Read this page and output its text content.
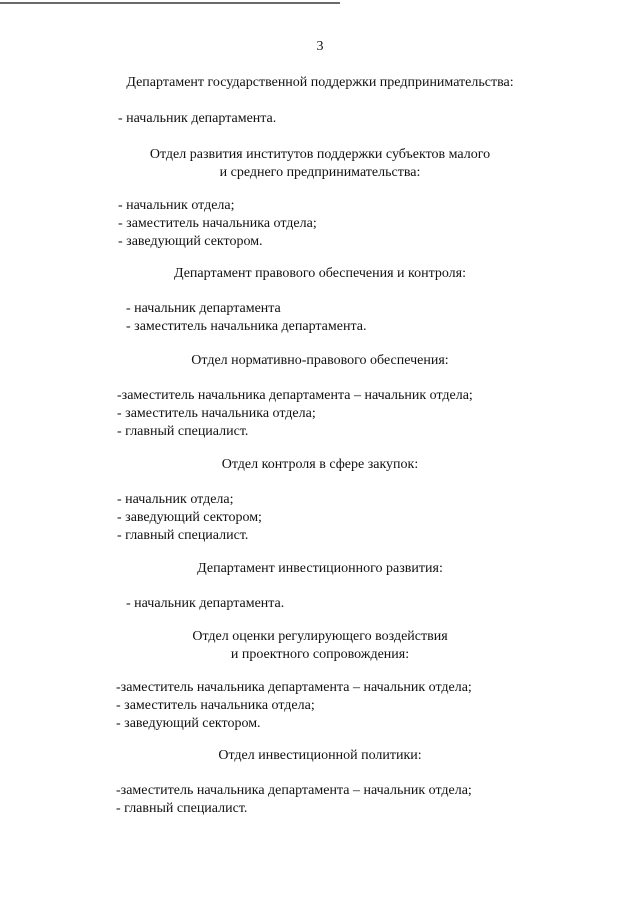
3
Департамент государственной поддержки предпринимательства:
- начальник департамента.
Отдел развития институтов поддержки субъектов малого
и среднего предпринимательства:
- начальник отдела;
- заместитель начальника отдела;
- заведующий сектором.
Департамент правового обеспечения и контроля:
- начальник департамента
- заместитель начальника департамента.
Отдел нормативно-правового обеспечения:
-заместитель начальника департамента – начальник отдела;
- заместитель начальника отдела;
- главный специалист.
Отдел контроля в сфере закупок:
- начальник отдела;
- заведующий сектором;
- главный специалист.
Департамент инвестиционного развития:
- начальник департамента.
Отдел оценки регулирующего воздействия
и проектного сопровождения:
-заместитель начальника департамента – начальник отдела;
- заместитель начальника отдела;
- заведующий сектором.
Отдел инвестиционной политики:
-заместитель начальника департамента – начальник отдела;
- главный специалист.
